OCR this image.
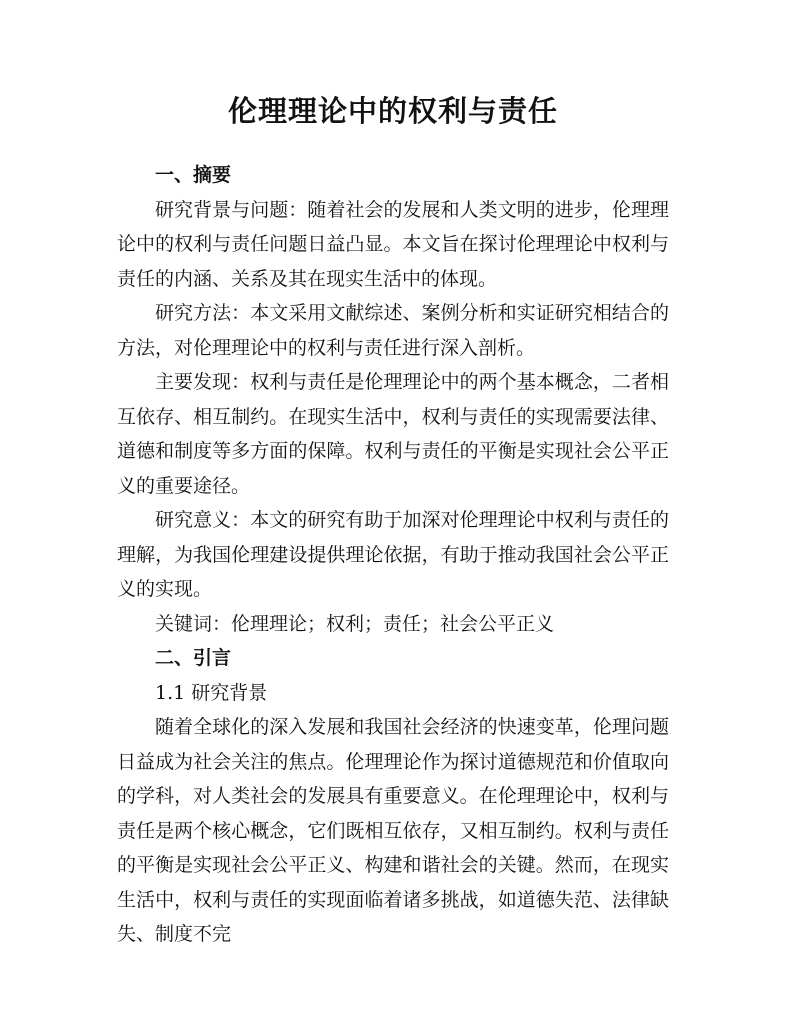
伦理理论中的权利与责任
一、摘要

研究背景与问题：随着社会的发展和人类文明的进步，伦理理论中的权利与责任问题日益凸显。本文旨在探讨伦理理论中权利与责任的内涵、关系及其在现实生活中的体现。

研究方法：本文采用文献综述、案例分析和实证研究相结合的方法，对伦理理论中的权利与责任进行深入剖析。

主要发现：权利与责任是伦理理论中的两个基本概念，二者相互依存、相互制约。在现实生活中，权利与责任的实现需要法律、道德和制度等多方面的保障。权利与责任的平衡是实现社会公平正义的重要途径。

研究意义：本文的研究有助于加深对伦理理论中权利与责任的理解，为我国伦理建设提供理论依据，有助于推动我国社会公平正义的实现。

关键词：伦理理论；权利；责任；社会公平正义

二、引言

1.1 研究背景

随着全球化的深入发展和我国社会经济的快速变革，伦理问题日益成为社会关注的焦点。伦理理论作为探讨道德规范和价值取向的学科，对人类社会的发展具有重要意义。在伦理理论中，权利与责任是两个核心概念，它们既相互依存，又相互制约。权利与责任的平衡是实现社会公平正义、构建和谐社会的关键。然而，在现实生活中，权利与责任的实现面临着诸多挑战，如道德失范、法律缺失、制度不完
